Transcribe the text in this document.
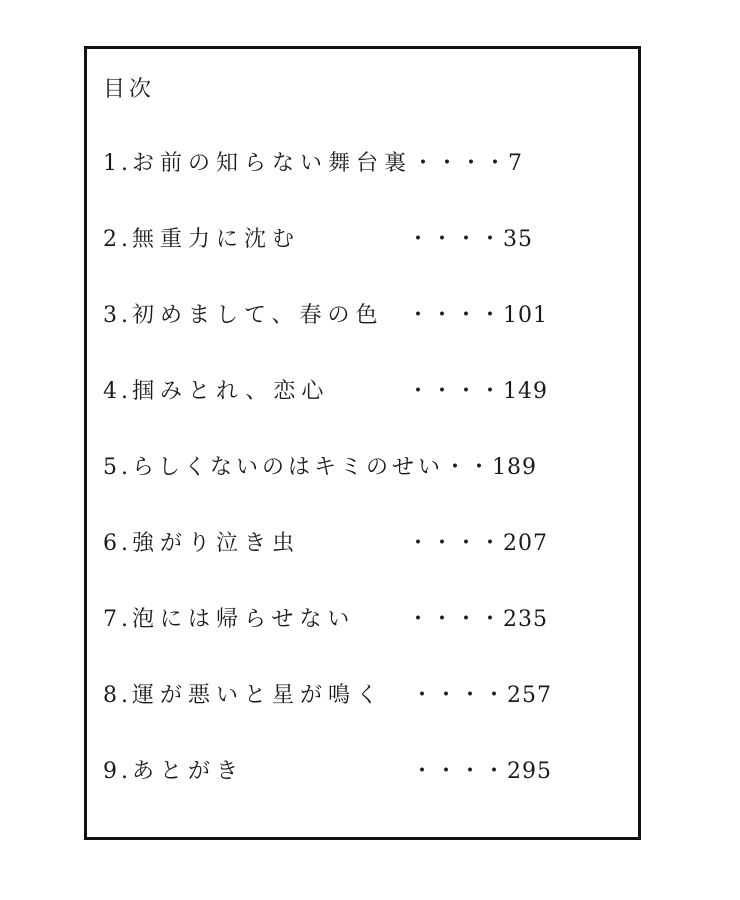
目次
1.お前の知らない舞台裏・・・・7
2.無重力に沈む	・・・・35
3.初めまして、春の色 ・・・・101
4.掴みとれ、恋心	・・・・149
5.らしくないのはキミのせい・・189
6.強がり泣き虫	・・・・207
7.泡には帰らせない ・・・・235
8.運が悪いと星が鳴く ・・・・257
9.あとがき	・・・・295
